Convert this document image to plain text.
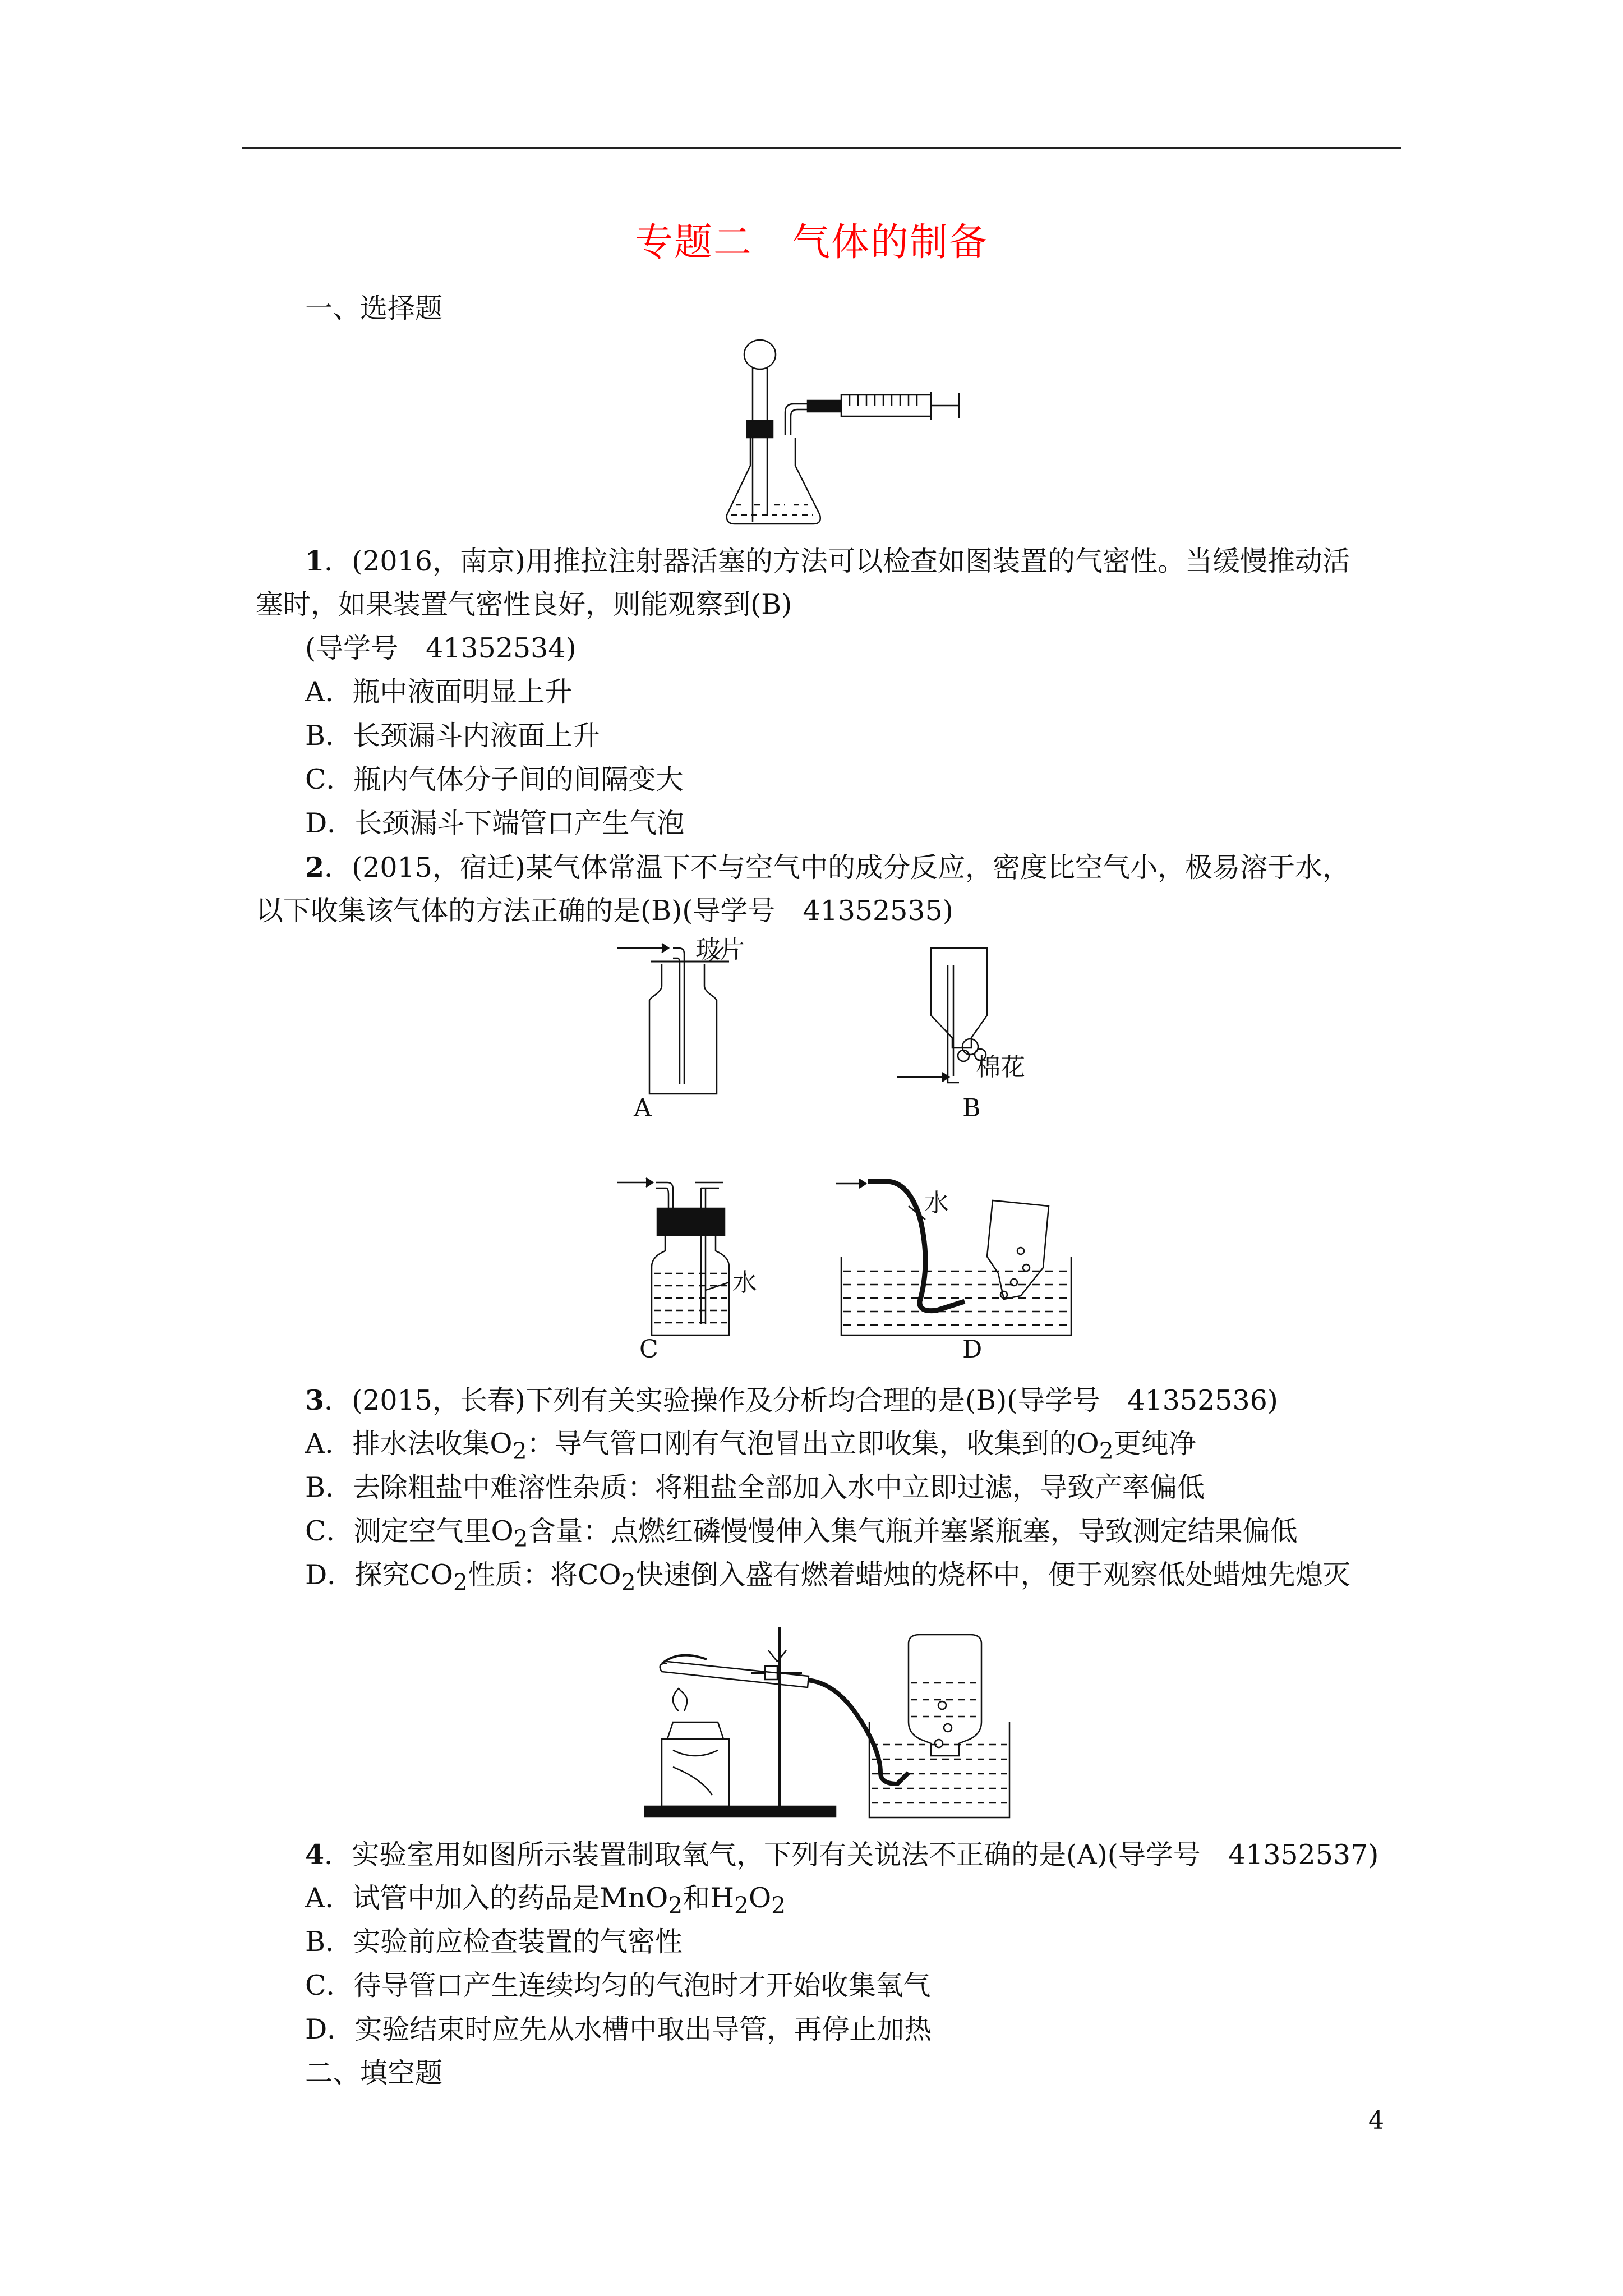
专题二　气体的制备
一、选择题
1．(2016，南京)用推拉注射器活塞的方法可以检查如图装置的气密性。当缓慢推动活
塞时，如果装置气密性良好，则能观察到(B)
(导学号　41352534)
A．瓶中液面明显上升
B．长颈漏斗内液面上升
C．瓶内气体分子间的间隔变大
D．长颈漏斗下端管口产生气泡
2．(2015，宿迁)某气体常温下不与空气中的成分反应，密度比空气小，极易溶于水，
以下收集该气体的方法正确的是(B)(导学号　41352535)
玻片
A
棉花
B
水
C
水
D
3．(2015，长春)下列有关实验操作及分析均合理的是(B)(导学号　41352536)
A．排水法收集$O_2$：导气管口刚有气泡冒出立即收集，收集到的$O_2$更纯净
B．去除粗盐中难溶性杂质：将粗盐全部加入水中立即过滤，导致产率偏低
C．测定空气里$O_2$含量：点燃红磷慢慢伸入集气瓶并塞紧瓶塞，导致测定结果偏低
D．探究$CO_2$性质：将$CO_2$快速倒入盛有燃着蜡烛的烧杯中，便于观察低处蜡烛先熄灭
4．实验室用如图所示装置制取氧气，下列有关说法不正确的是(A)(导学号　41352537)
A．试管中加入的药品是MnO$_2$和$H_2O_2$
B．实验前应检查装置的气密性
C．待导管口产生连续均匀的气泡时才开始收集氧气
D．实验结束时应先从水槽中取出导管，再停止加热
二、填空题
4
